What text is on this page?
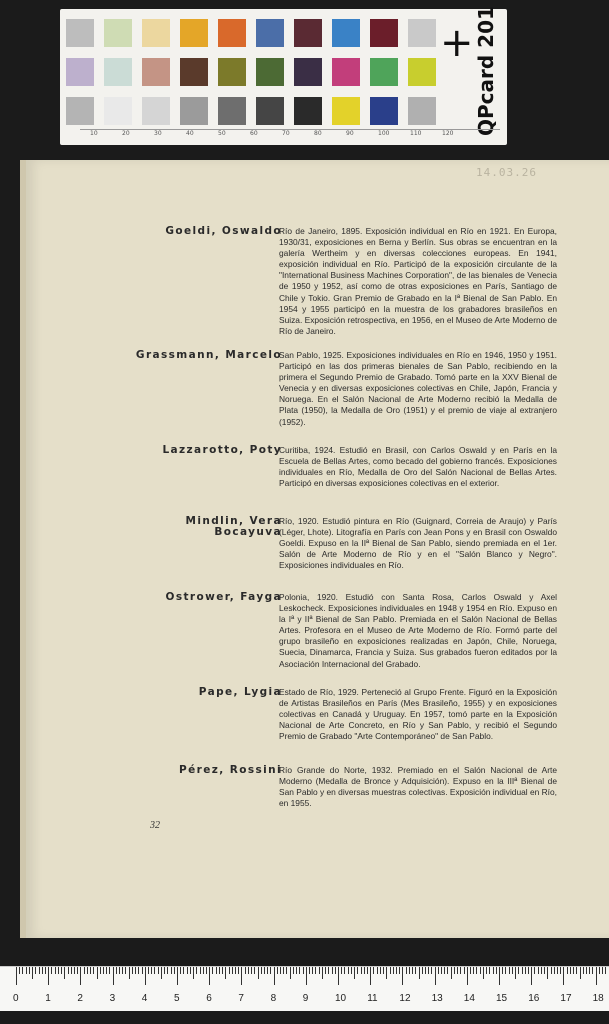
+ QPcard 201
10	20	30	40	50	60	70	80	90	100	110	120
14.03.26
32
Goeldi, Oswaldo
Río de Janeiro, 1895. Exposición individual en Río en 1921. En Europa, 1930/31, exposiciones en Berna y Berlín. Sus obras se encuentran en la galería Wertheim y en diversas colecciones europeas. En 1941, exposición individual en Río. Participó de la exposición circulante de la "International Business Machines Corporation", de las bienales de Venecia de 1950 y 1952, así como de otras exposiciones en París, Santiago de Chile y Tokio. Gran Premio de Grabado en la Iª Bienal de San Pablo. En 1954 y 1955 participó en la muestra de los grabadores brasileños en Suiza. Exposición retrospectiva, en 1956, en el Museo de Arte Moderno de Río de Janeiro.
Grassmann, Marcelo
San Pablo, 1925. Exposiciones individuales en Río en 1946, 1950 y 1951. Participó en las dos primeras bienales de San Pablo, recibiendo en la primera el Segundo Premio de Grabado. Tomó parte en la XXV Bienal de Venecia y en diversas exposiciones colectivas en Chile, Japón, Francia y Noruega. En el Salón Nacional de Arte Moderno recibió la Medalla de Plata (1950), la Medalla de Oro (1951) y el premio de viaje al extranjero (1952).
Lazzarotto, Poty
Curitiba, 1924. Estudió en Brasil, con Carlos Oswald y en París en la Escuela de Bellas Artes, como becado del gobierno francés. Exposiciones individuales en Río, Medalla de Oro del Salón Nacional de Bellas Artes. Participó en diversas exposiciones colectivas en el exterior.
Mindlin, Vera
Bocayuva
Río, 1920. Estudió pintura en Río (Guignard, Correia de Araujo) y París (Léger, Lhote). Litografía en París con Jean Pons y en Brasil con Oswaldo Goeldi. Expuso en la IIª Bienal de San Pablo, siendo premiada en el 1er. Salón de Arte Moderno de Río y en el "Salón Blanco y Negro". Exposiciones individuales en Río.
Ostrower, Fayga
Polonia, 1920. Estudió con Santa Rosa, Carlos Oswald y Axel Leskocheck. Exposiciones individuales en 1948 y 1954 en Río. Expuso en la Iª y IIª Bienal de San Pablo. Premiada en el Salón Nacional de Bellas Artes. Profesora en el Museo de Arte Moderno de Río. Formó parte del grupo brasileño en exposiciones realizadas en Japón, Chile, Noruega, Suecia, Dinamarca, Francia y Suiza. Sus grabados fueron editados por la Asociación Internacional del Grabado.
Pape, Lygia
Estado de Río, 1929. Perteneció al Grupo Frente. Figuró en la Exposición de Artistas Brasileños en París (Mes Brasileño, 1955) y en exposiciones colectivas en Canadá y Uruguay. En 1957, tomó parte en la Exposición Nacional de Arte Concreto, en Río y San Pablo, y recibió el Segundo Premio de Grabado "Arte Contemporáneo" de San Pablo.
Pérez, Rossini
Río Grande do Norte, 1932. Premiado en el Salón Nacional de Arte Moderno (Medalla de Bronce y Adquisición). Expuso en la IIIª Bienal de San Pablo y en diversas muestras colectivas. Exposición individual en Río, en 1955.
0	1	2	3	4	5	6	7	8	9	10 11 12 13 14 15 16 17 18
